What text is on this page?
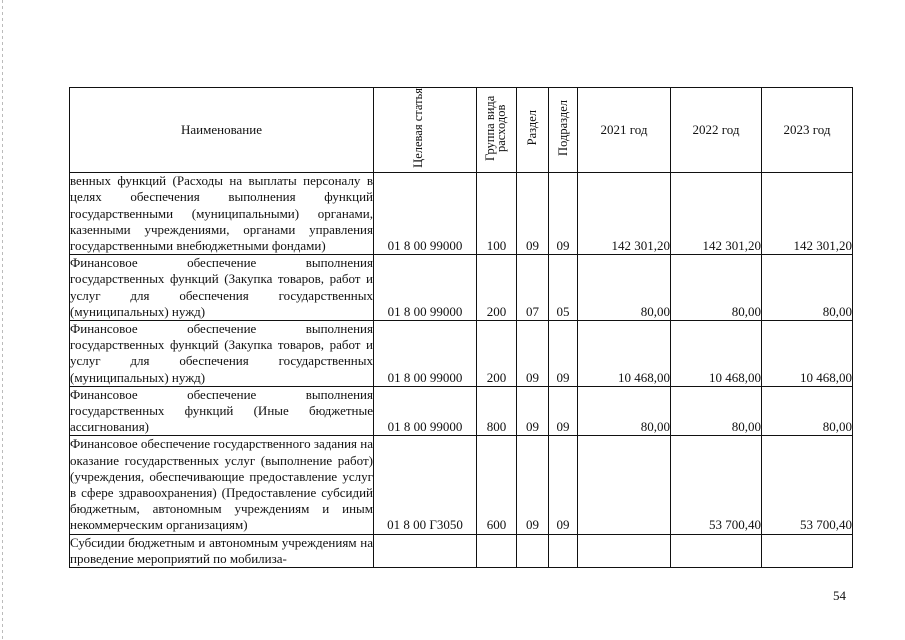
Наименование	Целевая статья	Группа вида расходов	Раздел	Подраздел	2021 год	2022 год	2023 год
венных функций (Расходы на выплаты персоналу в целях обеспечения выполнения функций государственными (муниципальными) органами, казенными учреждениями, органами управления государственными внебюджетными фондами)	01 8 00 99000	100	09	09	142 301,20	142 301,20	142 301,20
Финансовое обеспечение выполнения государственных функций (Закупка товаров, работ и услуг для обеспечения государственных (муниципальных) нужд)	01 8 00 99000	200	07	05	80,00	80,00	80,00
Финансовое обеспечение выполнения государственных функций (Закупка товаров, работ и услуг для обеспечения государственных (муниципальных) нужд)	01 8 00 99000	200	09	09	10 468,00	10 468,00	10 468,00
Финансовое обеспечение выполнения государственных функций (Иные бюджетные ассигнования)	01 8 00 99000	800	09	09	80,00	80,00	80,00
Финансовое обеспечение государственного задания на оказание государственных услуг (выполнение работ) (учреждения, обеспечивающие предоставление услуг в сфере здравоохранения) (Предоставление субсидий бюджетным, автономным учреждениям и иным некоммерческим организациям)	01 8 00 Г3050	600	09	09		53 700,40	53 700,40
Субсидии бюджетным и автономным учреждениям на проведение мероприятий по мобилиза-							
54
